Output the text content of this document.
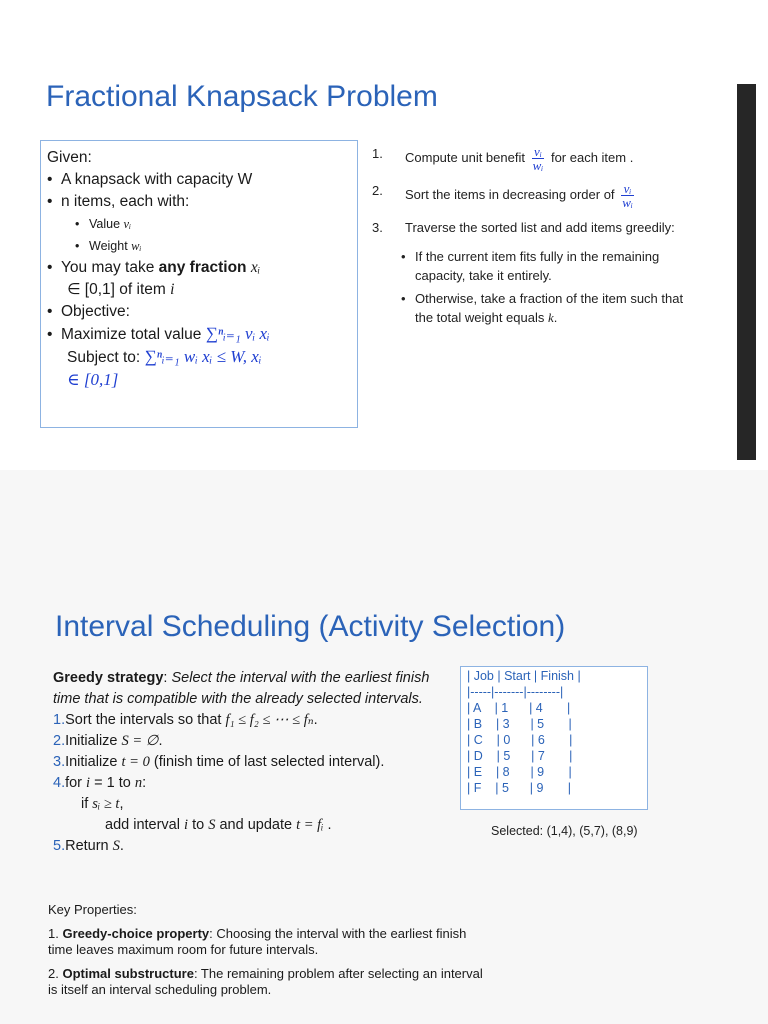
Fractional Knapsack Problem
Given:
• A knapsack with capacity W
• n items, each with:
• Value vᵢ
• Weight wᵢ
• You may take any fraction xᵢ
∈ [0,1] of item i
• Objective:
• Maximize total value ∑ⁿᵢ₌₁ vᵢ xᵢ
Subject to: ∑ⁿᵢ₌₁ wᵢ xᵢ ≤ W, xᵢ
∈ [0,1]
1. Compute unit benefit $\frac{\text{vᵢ}}{\text{wᵢ}}$ for each item .
2. Sort the items in decreasing order of $\frac{\text{vᵢ}}{\text{wᵢ}}$
3. Traverse the sorted list and add items greedily:
• If the current item fits fully in the remaining capacity, take it entirely.
• Otherwise, take a fraction of the item such that the total weight equals k.
Interval Scheduling (Activity Selection)
Greedy strategy: Select the interval with the earliest finish time that is compatible with the already selected intervals.
1.Sort the intervals so that f₁ ≤ f₂ ≤ ⋯ ≤ fₙ.
2.Initialize S = ∅.
3.Initialize t = 0 (finish time of last selected interval).
4.for i = 1 to n:
if sᵢ ≥ t,
add interval i to S and update t = fᵢ .
5.Return S.
| Job | Start | Finish |
|-----|-------|--------|
| A    | 1      | 4       |
| B    | 3      | 5       |
| C    | 0      | 6       |
| D    | 5      | 7       |
| E    | 8      | 9       |
| F    | 5      | 9       |
Selected: (1,4), (5,7), (8,9)

Key Properties:

1. Greedy-choice property: Choosing the interval with the earliest finish time leaves maximum room for future intervals.

2. Optimal substructure: The remaining problem after selecting an interval is itself an interval scheduling problem.
